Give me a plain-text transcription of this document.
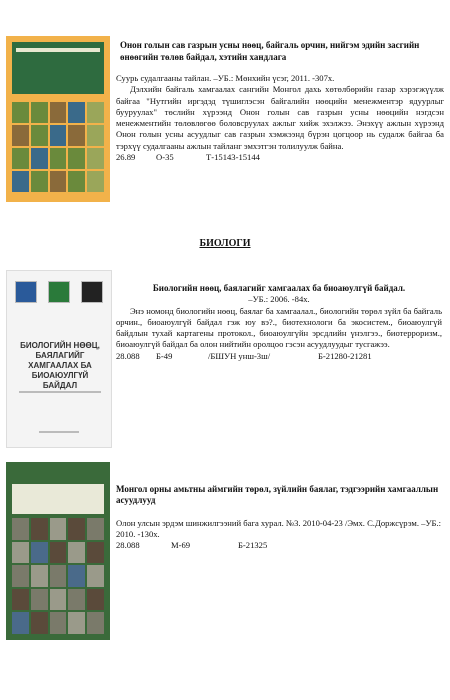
Онон голын сав газрын усны нөөц, байгаль орчин, нийгэм эдийн засгийн өнөөгийн төлөв байдал, хэтийн хандлага

Суурь судалгааны тайлан. –УБ.: Мөнхийн үсэг, 2011. -307х.

Дэлхийн байгаль хамгаалах сангийн Монгол дахь хөтөлбөрийн газар хэрэгжүүлж байгаа "Нутгийн иргэдэд түшиглэсэн байгалийн нөөцийн менежментэр ядуурлыг бууруулах" төслийн хүрээнд Онон голын сав газрын усны нөөцийн нэгдсэн менежментийн төлөвлөгөө боловсруулах ажлыг хийж эхэлжээ. Энэхүү ажлын хүрээнд Онон голын усны асуудлыг сав газрын хэмжээнд бүрэн цогцоор нь судалж байгаа ба тэрхүү судалгааны ажлын тайланг эмхэтгэн толилуулж байна.

26.89	О-35	Т-15143-15144
БИОЛОГИ
БИОЛОГИЙН НӨӨЦ, БАЯЛАГИЙГ ХАМГААЛАХ БА БИОАЮУЛГҮЙ БАЙДАЛ
Биологийн нөөц, баялагийг хамгаалах ба биоаюулгүй байдал.

–УБ.: 2006. -84х.

Энэ номонд биологийн нөөц, баялаг ба хамгаалал., биологийн төрөл зүйл ба байгаль орчин., биоаюулгүй байдал гэж юу вэ?., биотехнологи ба экосистем., биоаюулгүй байдлын тухай картагены протокол., биоаюулгүйн эрсдлийн үнэлгээ., биотерроризм., биоаюулгүй байдал ба олон нийтийн оролцоо гэсэн асуудлуудыг тусгажээ.

28.088	Б-49	/БШУН унш-3ш/	Б-21280-21281
Монгол орны амьтны аймгийн төрөл, зүйлийн баялаг, тэдгээрийн хамгааллын асуудлууд

Олон улсын эрдэм шинжилгээний бага хурал. №3. 2010-04-23 /Эмх. С.Доржсүрэм. –УБ.: 2010. -130х.

28.088	М-69	Б-21325
